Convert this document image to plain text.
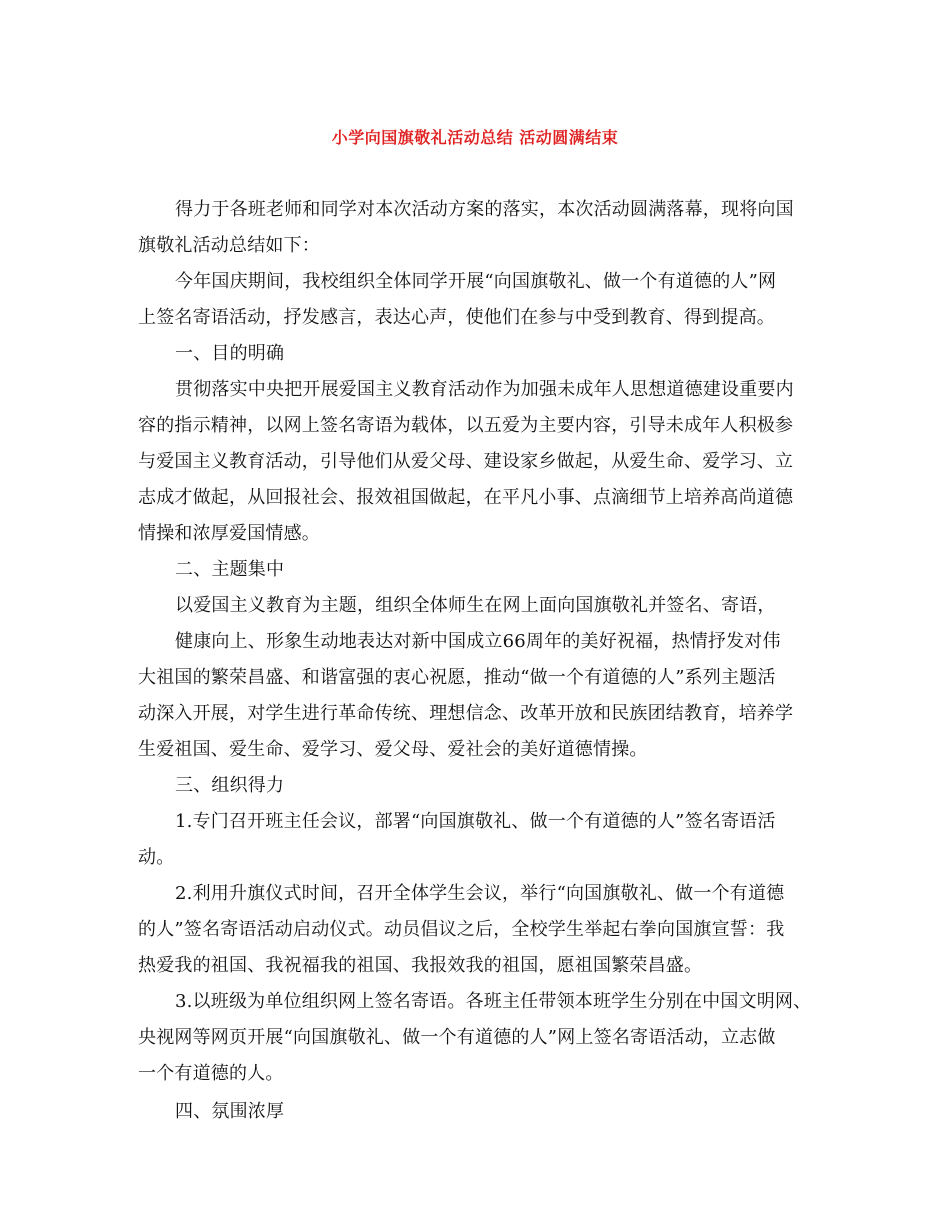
小学向国旗敬礼活动总结 活动圆满结束
得力于各班老师和同学对本次活动方案的落实，本次活动圆满落幕，现将向国
旗敬礼活动总结如下：
今年国庆期间，我校组织全体同学开展“向国旗敬礼、做一个有道德的人”网
上签名寄语活动，抒发感言，表达心声，使他们在参与中受到教育、得到提高。
一、目的明确
贯彻落实中央把开展爱国主义教育活动作为加强未成年人思想道德建设重要内
容的指示精神，以网上签名寄语为载体，以五爱为主要内容，引导未成年人积极参
与爱国主义教育活动，引导他们从爱父母、建设家乡做起，从爱生命、爱学习、立
志成才做起，从回报社会、报效祖国做起，在平凡小事、点滴细节上培养高尚道德
情操和浓厚爱国情感。
二、主题集中
以爱国主义教育为主题，组织全体师生在网上面向国旗敬礼并签名、寄语，
健康向上、形象生动地表达对新中国成立66周年的美好祝福，热情抒发对伟
大祖国的繁荣昌盛、和谐富强的衷心祝愿，推动“做一个有道德的人”系列主题活
动深入开展，对学生进行革命传统、理想信念、改革开放和民族团结教育，培养学
生爱祖国、爱生命、爱学习、爱父母、爱社会的美好道德情操。
三、组织得力
1.专门召开班主任会议，部署“向国旗敬礼、做一个有道德的人”签名寄语活
动。
2.利用升旗仪式时间，召开全体学生会议，举行“向国旗敬礼、做一个有道德
的人”签名寄语活动启动仪式。动员倡议之后，全校学生举起右拳向国旗宣誓：我
热爱我的祖国、我祝福我的祖国、我报效我的祖国，愿祖国繁荣昌盛。
3.以班级为单位组织网上签名寄语。各班主任带领本班学生分别在中国文明网、
央视网等网页开展“向国旗敬礼、做一个有道德的人”网上签名寄语活动，立志做
一个有道德的人。
四、氛围浓厚
